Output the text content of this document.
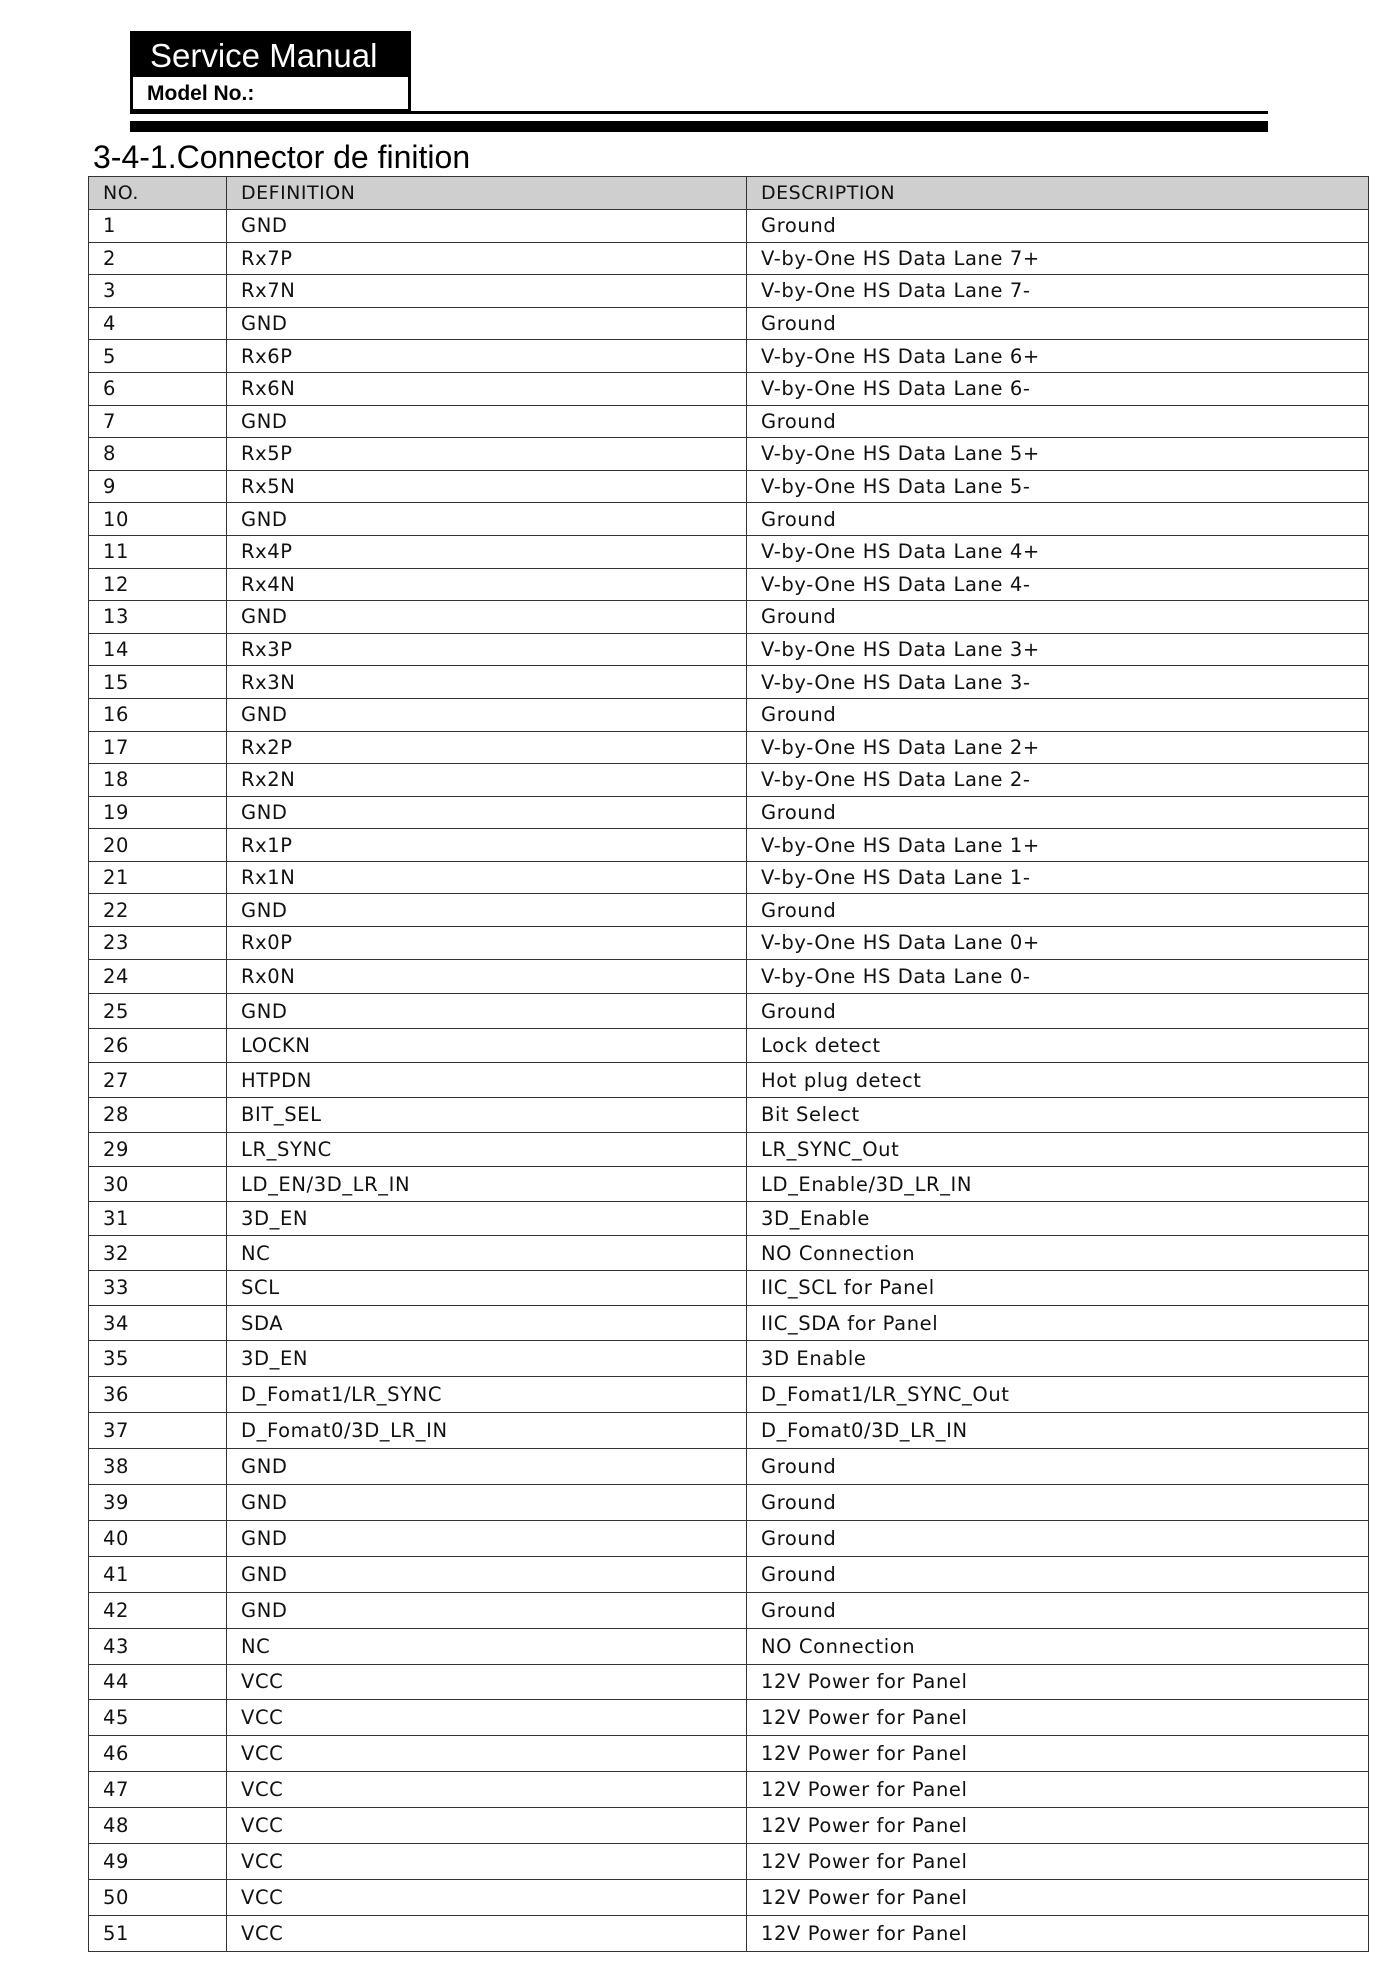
Service Manual
Model No.:
3-4-1.Connector de finition
NO.	DEFINITION	DESCRIPTION
1	GND	Ground
2	Rx7P	V-by-One HS Data Lane 7+
3	Rx7N	V-by-One HS Data Lane 7-
4	GND	Ground
5	Rx6P	V-by-One HS Data Lane 6+
6	Rx6N	V-by-One HS Data Lane 6-
7	GND	Ground
8	Rx5P	V-by-One HS Data Lane 5+
9	Rx5N	V-by-One HS Data Lane 5-
10	GND	Ground
11	Rx4P	V-by-One HS Data Lane 4+
12	Rx4N	V-by-One HS Data Lane 4-
13	GND	Ground
14	Rx3P	V-by-One HS Data Lane 3+
15	Rx3N	V-by-One HS Data Lane 3-
16	GND	Ground
17	Rx2P	V-by-One HS Data Lane 2+
18	Rx2N	V-by-One HS Data Lane 2-
19	GND	Ground
20	Rx1P	V-by-One HS Data Lane 1+
21	Rx1N	V-by-One HS Data Lane 1-
22	GND	Ground
23	Rx0P	V-by-One HS Data Lane 0+
24	Rx0N	V-by-One HS Data Lane 0-
25	GND	Ground
26	LOCKN	Lock detect
27	HTPDN	Hot plug detect
28	BIT_SEL	Bit Select
29	LR_SYNC	LR_SYNC_Out
30	LD_EN/3D_LR_IN	LD_Enable/3D_LR_IN
31	3D_EN	3D_Enable
32	NC	NO Connection
33	SCL	IIC_SCL for Panel
34	SDA	IIC_SDA for Panel
35	3D_EN	3D Enable
36	D_Fomat1/LR_SYNC	D_Fomat1/LR_SYNC_Out
37	D_Fomat0/3D_LR_IN	D_Fomat0/3D_LR_IN
38	GND	Ground
39	GND	Ground
40	GND	Ground
41	GND	Ground
42	GND	Ground
43	NC	NO Connection
44	VCC	12V Power for Panel
45	VCC	12V Power for Panel
46	VCC	12V Power for Panel
47	VCC	12V Power for Panel
48	VCC	12V Power for Panel
49	VCC	12V Power for Panel
50	VCC	12V Power for Panel
51	VCC	12V Power for Panel
